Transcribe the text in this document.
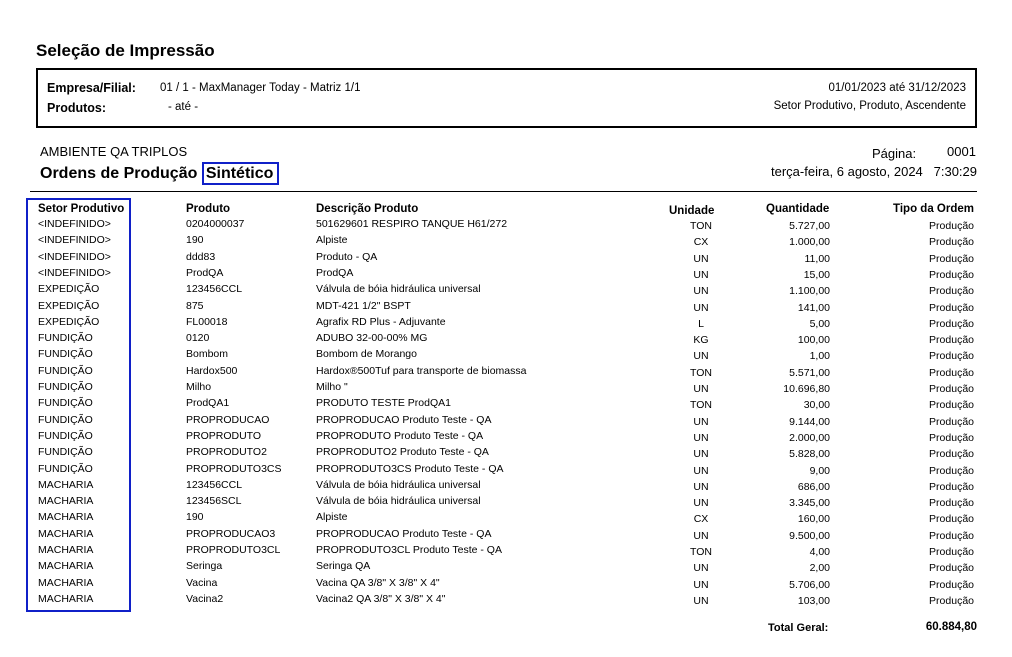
Seleção de Impressão
Empresa/Filial: 01 / 1 - MaxManager Today - Matriz 1/1
Produtos:	- até -
01/01/2023 até 31/12/2023
Setor Produtivo, Produto, Ascendente
AMBIENTE QA TRIPLOS
Ordens de Produção Sintético
Página: 0001
terça-feira, 6 agosto, 2024 7:30:29
Setor Produtivo	Produto	Descrição Produto	Unidade	Quantidade	Tipo da Ordem
<INDEFINIDO>	0204000037	501629601 RESPIRO TANQUE H61/272	TON	5.727,00	Produção
<INDEFINIDO>	190	Alpiste	CX	1.000,00	Produção
<INDEFINIDO>	ddd83	Produto - QA	UN	11,00	Produção
<INDEFINIDO>	ProdQA	ProdQA	UN	15,00	Produção
EXPEDIÇÃO	123456CCL	Válvula de bóia hidráulica universal	UN	1.100,00	Produção
EXPEDIÇÃO	875	MDT-421 1/2" BSPT	UN	141,00	Produção
EXPEDIÇÃO	FL00018	Agrafix RD Plus - Adjuvante	L	5,00	Produção
FUNDIÇÃO	0120	ADUBO 32-00-00% MG	KG	100,00	Produção
FUNDIÇÃO	Bombom	Bombom de Morango	UN	1,00	Produção
FUNDIÇÃO	Hardox500	Hardox®500Tuf para transporte de biomassa	TON	5.571,00	Produção
FUNDIÇÃO	Milho	Milho "	UN	10.696,80	Produção
FUNDIÇÃO	ProdQA1	PRODUTO TESTE ProdQA1	TON	30,00	Produção
FUNDIÇÃO	PROPRODUCAO	PROPRODUCAO Produto Teste - QA	UN	9.144,00	Produção
FUNDIÇÃO	PROPRODUTO	PROPRODUTO Produto Teste - QA	UN	2.000,00	Produção
FUNDIÇÃO	PROPRODUTO2	PROPRODUTO2 Produto Teste - QA	UN	5.828,00	Produção
FUNDIÇÃO	PROPRODUTO3CS	PROPRODUTO3CS Produto Teste - QA	UN	9,00	Produção
MACHARIA	123456CCL	Válvula de bóia hidráulica universal	UN	686,00	Produção
MACHARIA	123456SCL	Válvula de bóia hidráulica universal	UN	3.345,00	Produção
MACHARIA	190	Alpiste	CX	160,00	Produção
MACHARIA	PROPRODUCAO3	PROPRODUCAO Produto Teste - QA	UN	9.500,00	Produção
MACHARIA	PROPRODUTO3CL	PROPRODUTO3CL Produto Teste - QA	TON	4,00	Produção
MACHARIA	Seringa	Seringa QA	UN	2,00	Produção
MACHARIA	Vacina	Vacina QA 3/8" X 3/8" X 4"	UN	5.706,00	Produção
MACHARIA	Vacina2	Vacina2 QA 3/8" X 3/8" X 4"	UN	103,00	Produção
Total Geral:	60.884,80
